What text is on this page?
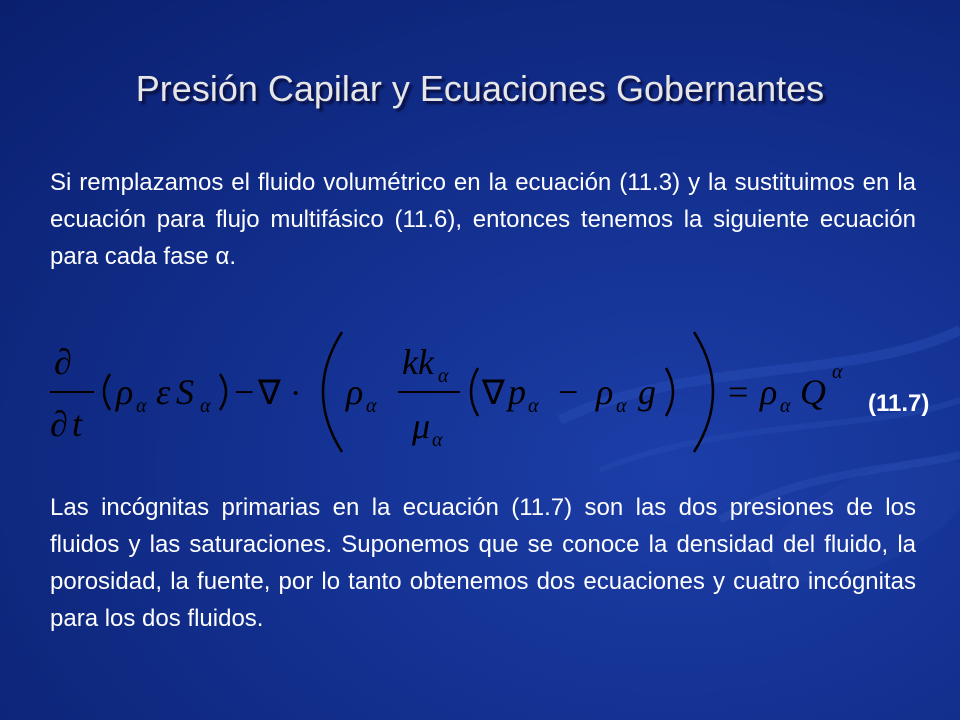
Presión Capilar y Ecuaciones Gobernantes
Si remplazamos el fluido volumétrico en la ecuación (11.3) y la sustituimos en la ecuación para flujo multifásico (11.6), entonces tenemos la siguiente ecuación para cada fase α.
∂
∂ t
ρ α ε S α − ∇ · ρ α
kk α
μ α
∇ p α − ρ α g = ρ α Q α
(11.7)
Las incógnitas primarias en la ecuación (11.7) son las dos presiones de los fluidos y las saturaciones. Suponemos que se conoce la densidad del fluido, la porosidad, la fuente, por lo tanto obtenemos dos ecuaciones y cuatro incógnitas para los dos fluidos.
